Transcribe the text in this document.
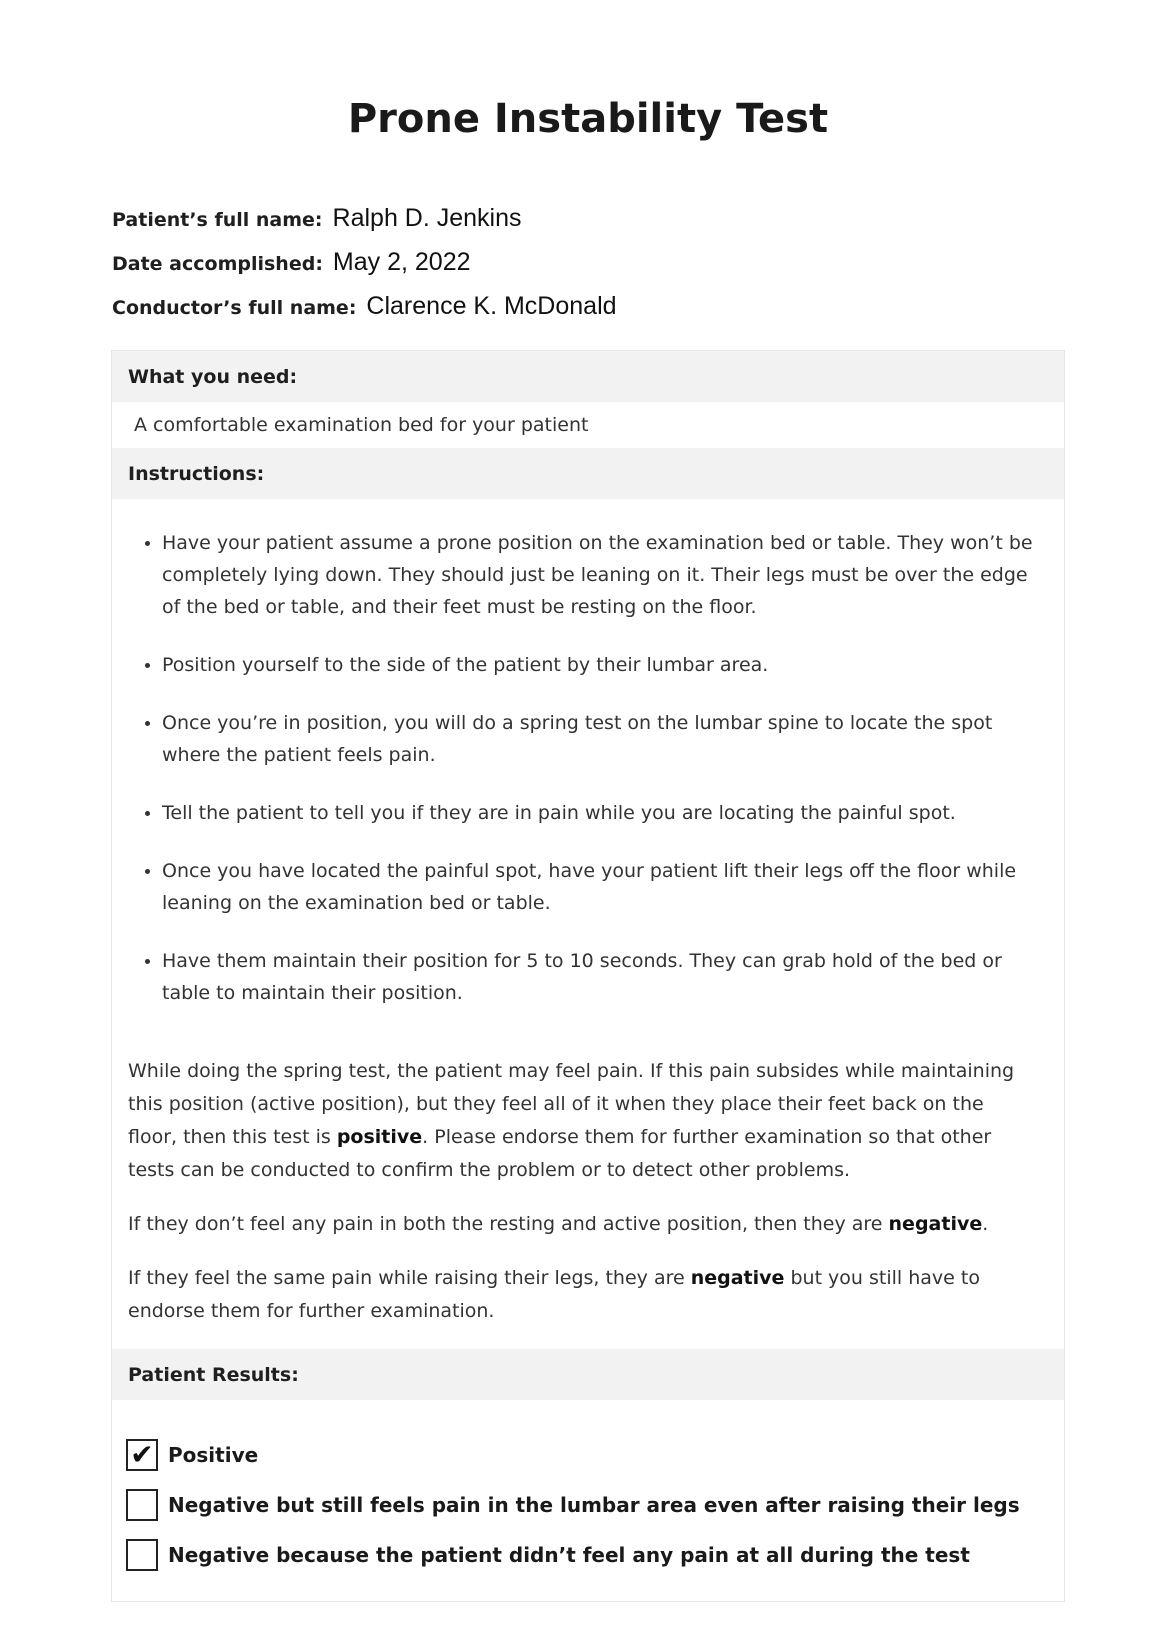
Prone Instability Test
Patient’s full name: Ralph D. Jenkins
Date accomplished: May 2, 2022
Conductor’s full name: Clarence K. McDonald
What you need:
A comfortable examination bed for your patient
Instructions:
• Have your patient assume a prone position on the examination bed or table. They won’t be completely lying down. They should just be leaning on it. Their legs must be over the edge of the bed or table, and their feet must be resting on the floor.
• Position yourself to the side of the patient by their lumbar area.
• Once you’re in position, you will do a spring test on the lumbar spine to locate the spot where the patient feels pain.
• Tell the patient to tell you if they are in pain while you are locating the painful spot.
• Once you have located the painful spot, have your patient lift their legs off the floor while leaning on the examination bed or table.
• Have them maintain their position for 5 to 10 seconds. They can grab hold of the bed or table to maintain their position.

While doing the spring test, the patient may feel pain. If this pain subsides while maintaining this position (active position), but they feel all of it when they place their feet back on the floor, then this test is positive. Please endorse them for further examination so that other tests can be conducted to confirm the problem or to detect other problems.

If they don’t feel any pain in both the resting and active position, then they are negative.

If they feel the same pain while raising their legs, they are negative but you still have to endorse them for further examination.

Patient Results:
✔ Positive
Negative but still feels pain in the lumbar area even after raising their legs
Negative because the patient didn’t feel any pain at all during the test
